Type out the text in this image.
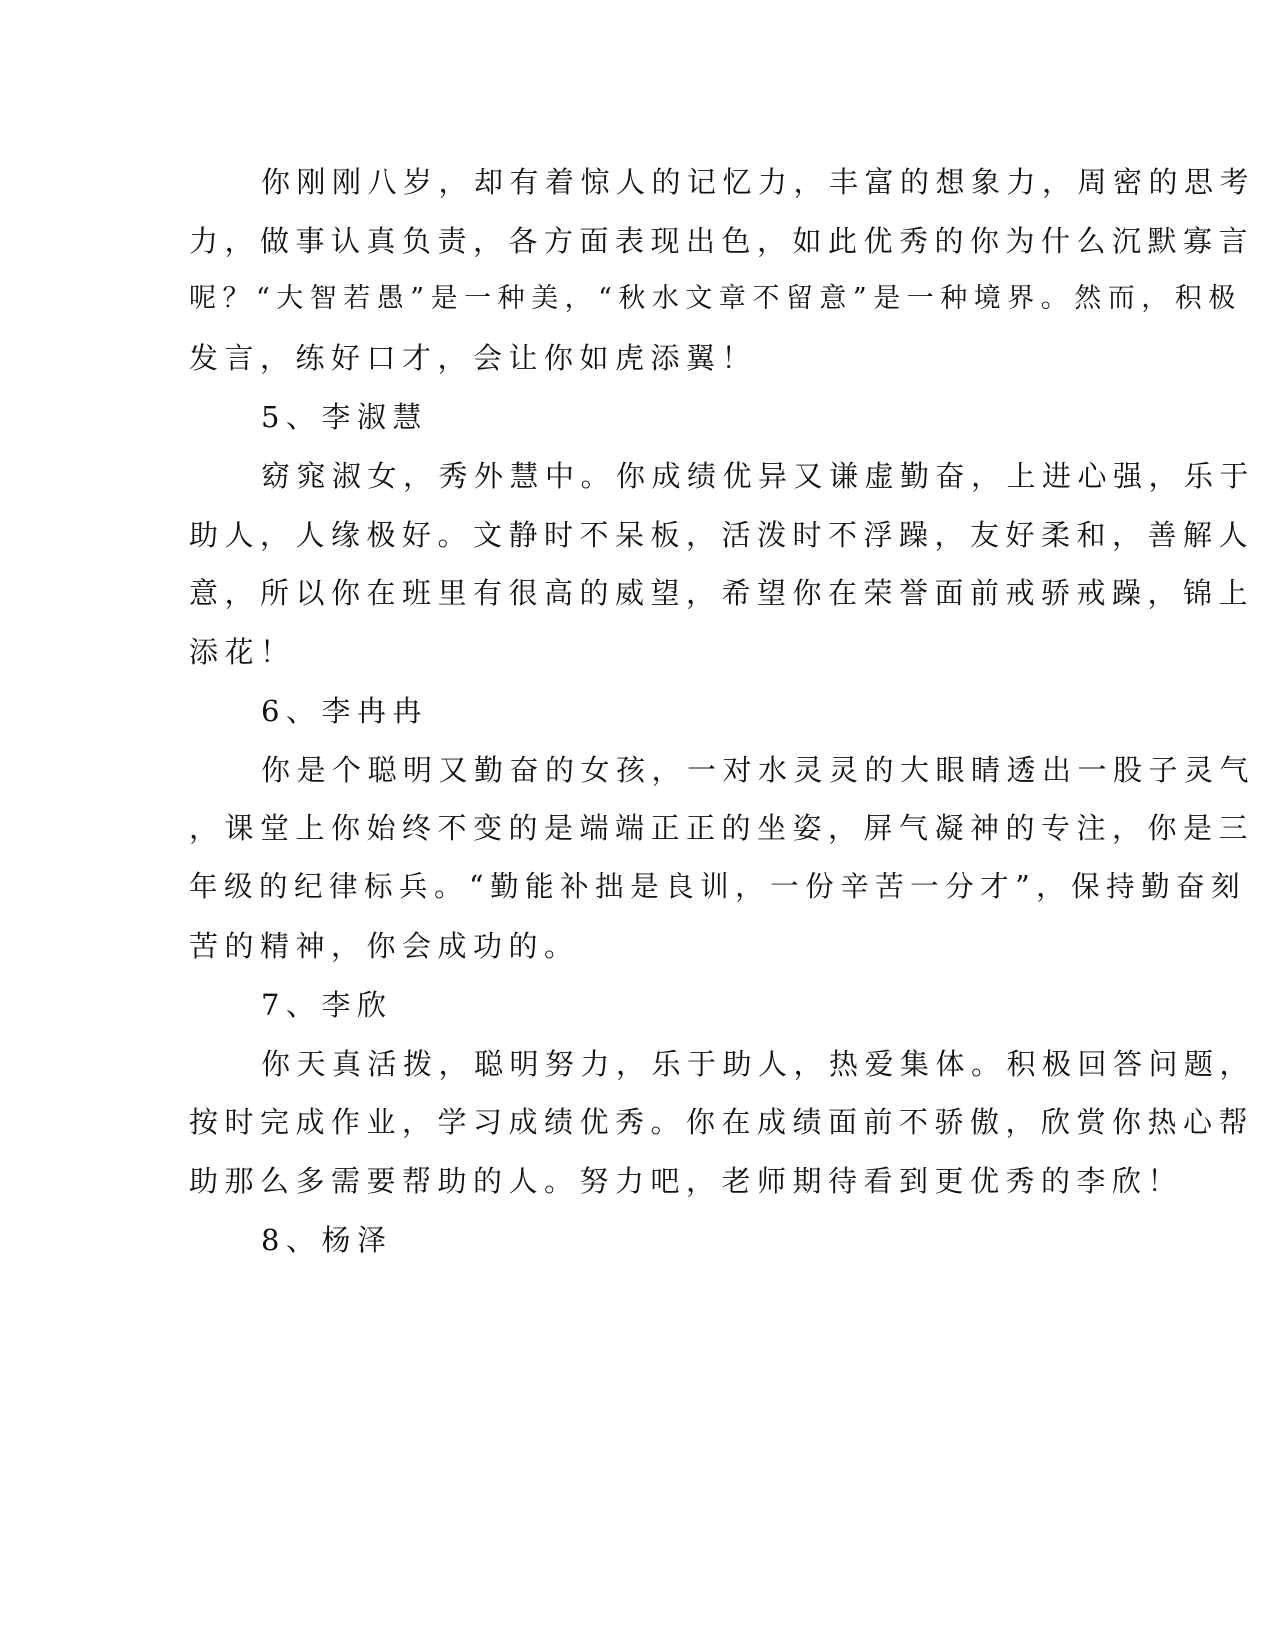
你刚刚八岁，却有着惊人的记忆力，丰富的想象力，周密的思考
力，做事认真负责，各方面表现出色，如此优秀的你为什么沉默寡言
呢？“大智若愚”是一种美，“秋水文章不留意”是一种境界。然而，积极
发言，练好口才，会让你如虎添翼！
5、李淑慧
窈窕淑女，秀外慧中。你成绩优异又谦虚勤奋，上进心强，乐于
助人，人缘极好。文静时不呆板，活泼时不浮躁，友好柔和，善解人
意，所以你在班里有很高的威望，希望你在荣誉面前戒骄戒躁，锦上
添花！
6、李冉冉
你是个聪明又勤奋的女孩，一对水灵灵的大眼睛透出一股子灵气
，课堂上你始终不变的是端端正正的坐姿，屏气凝神的专注，你是三
年级的纪律标兵。“勤能补拙是良训，一份辛苦一分才”，保持勤奋刻
苦的精神，你会成功的。
7、李欣
你天真活拨，聪明努力，乐于助人，热爱集体。积极回答问题，
按时完成作业，学习成绩优秀。你在成绩面前不骄傲，欣赏你热心帮
助那么多需要帮助的人。努力吧，老师期待看到更优秀的李欣！
8、杨泽
